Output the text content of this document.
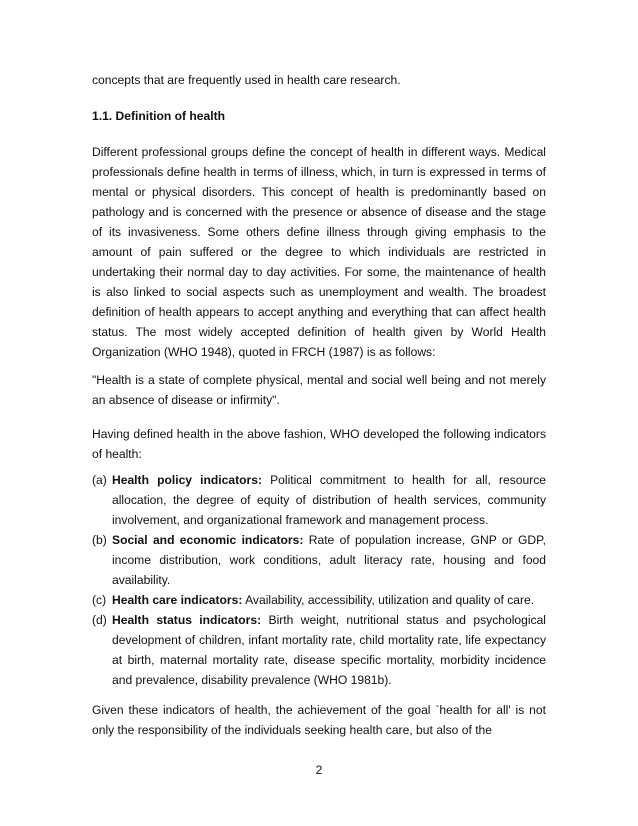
concepts that are frequently used in health care research.

1.1. Definition of health

Different professional groups define the concept of health in different ways. Medical professionals define health in terms of illness, which, in turn is expressed in terms of mental or physical disorders. This concept of health is predominantly based on pathology and is concerned with the presence or absence of disease and the stage of its invasiveness. Some others define illness through giving emphasis to the amount of pain suffered or the degree to which individuals are restricted in undertaking their normal day to day activities. For some, the maintenance of health is also linked to social aspects such as unemployment and wealth. The broadest definition of health appears to accept anything and everything that can affect health status. The most widely accepted definition of health given by World Health Organization (WHO 1948), quoted in FRCH (1987) is as follows:

"Health is a state of complete physical, mental and social well being and not merely an absence of disease or infirmity".

Having defined health in the above fashion, WHO developed the following indicators of health:

(a) Health policy indicators: Political commitment to health for all, resource allocation, the degree of equity of distribution of health services, community involvement, and organizational framework and management process.
(b) Social and economic indicators: Rate of population increase, GNP or GDP, income distribution, work conditions, adult literacy rate, housing and food availability.
(c) Health care indicators: Availability, accessibility, utilization and quality of care.
(d) Health status indicators: Birth weight, nutritional status and psychological development of children, infant mortality rate, child mortality rate, life expectancy at birth, maternal mortality rate, disease specific mortality, morbidity incidence and prevalence, disability prevalence (WHO 1981b).

Given these indicators of health, the achievement of the goal `health for all' is not only the responsibility of the individuals seeking health care, but also of the

2
